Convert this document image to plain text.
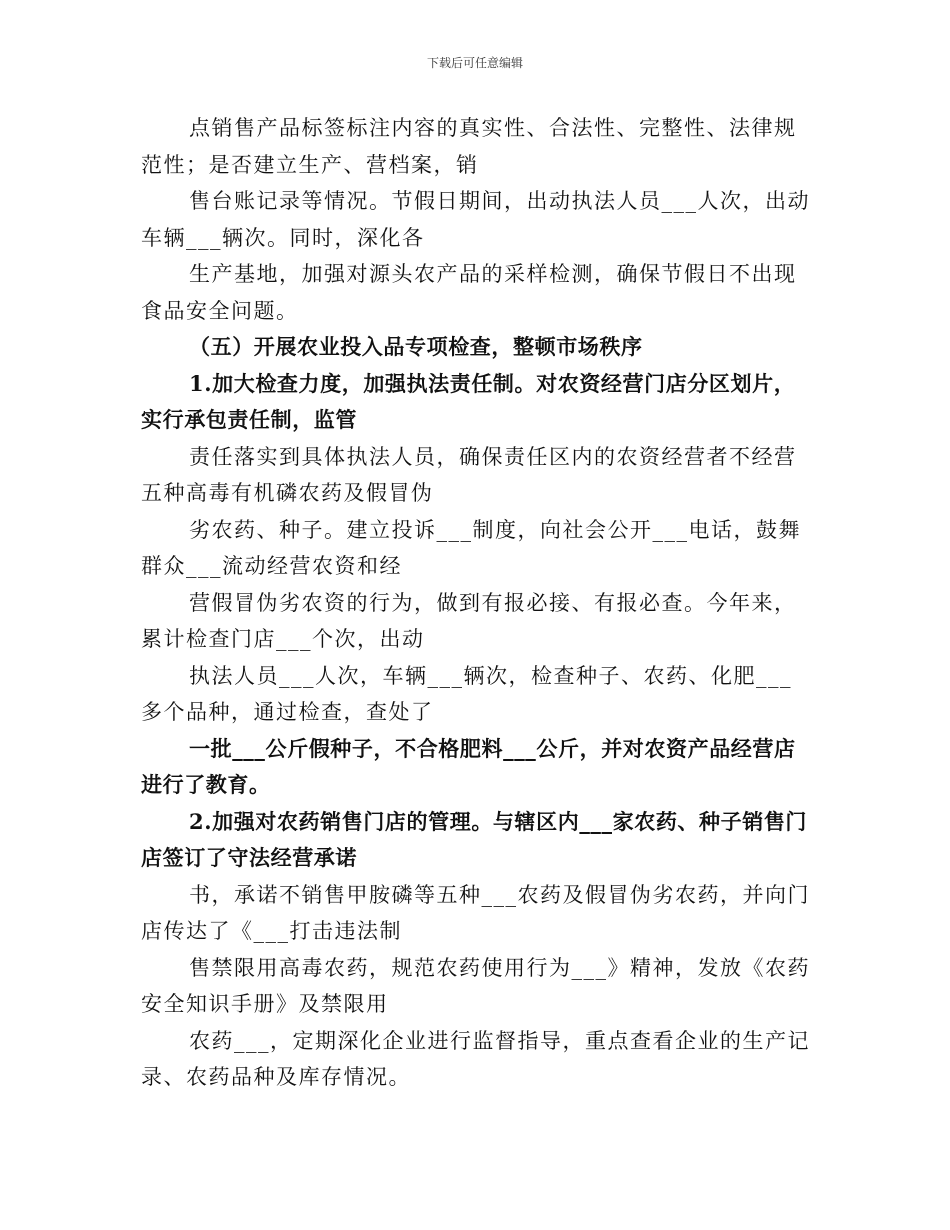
下载后可任意编辑

点销售产品标签标注内容的真实性、合法性、完整性、法律规范性；是否建立生产、营档案，销

售台账记录等情况。节假日期间，出动执法人员___人次，出动车辆___辆次。同时，深化各

生产基地，加强对源头农产品的采样检测，确保节假日不出现食品安全问题。

（五）开展农业投入品专项检查，整顿市场秩序

1.加大检查力度，加强执法责任制。对农资经营门店分区划片，实行承包责任制，监管

责任落实到具体执法人员，确保责任区内的农资经营者不经营五种高毒有机磷农药及假冒伪

劣农药、种子。建立投诉___制度，向社会公开___电话，鼓舞群众___流动经营农资和经

营假冒伪劣农资的行为，做到有报必接、有报必查。今年来，累计检查门店___个次，出动

执法人员___人次，车辆___辆次，检查种子、农药、化肥___多个品种，通过检查，查处了

一批___公斤假种子，不合格肥料___公斤，并对农资产品经营店进行了教育。

2.加强对农药销售门店的管理。与辖区内___家农药、种子销售门店签订了守法经营承诺

书，承诺不销售甲胺磷等五种___农药及假冒伪劣农药，并向门店传达了《___打击违法制

售禁限用高毒农药，规范农药使用行为___》精神，发放《农药安全知识手册》及禁限用

农药___，定期深化企业进行监督指导，重点查看企业的生产记录、农药品种及库存情况。
